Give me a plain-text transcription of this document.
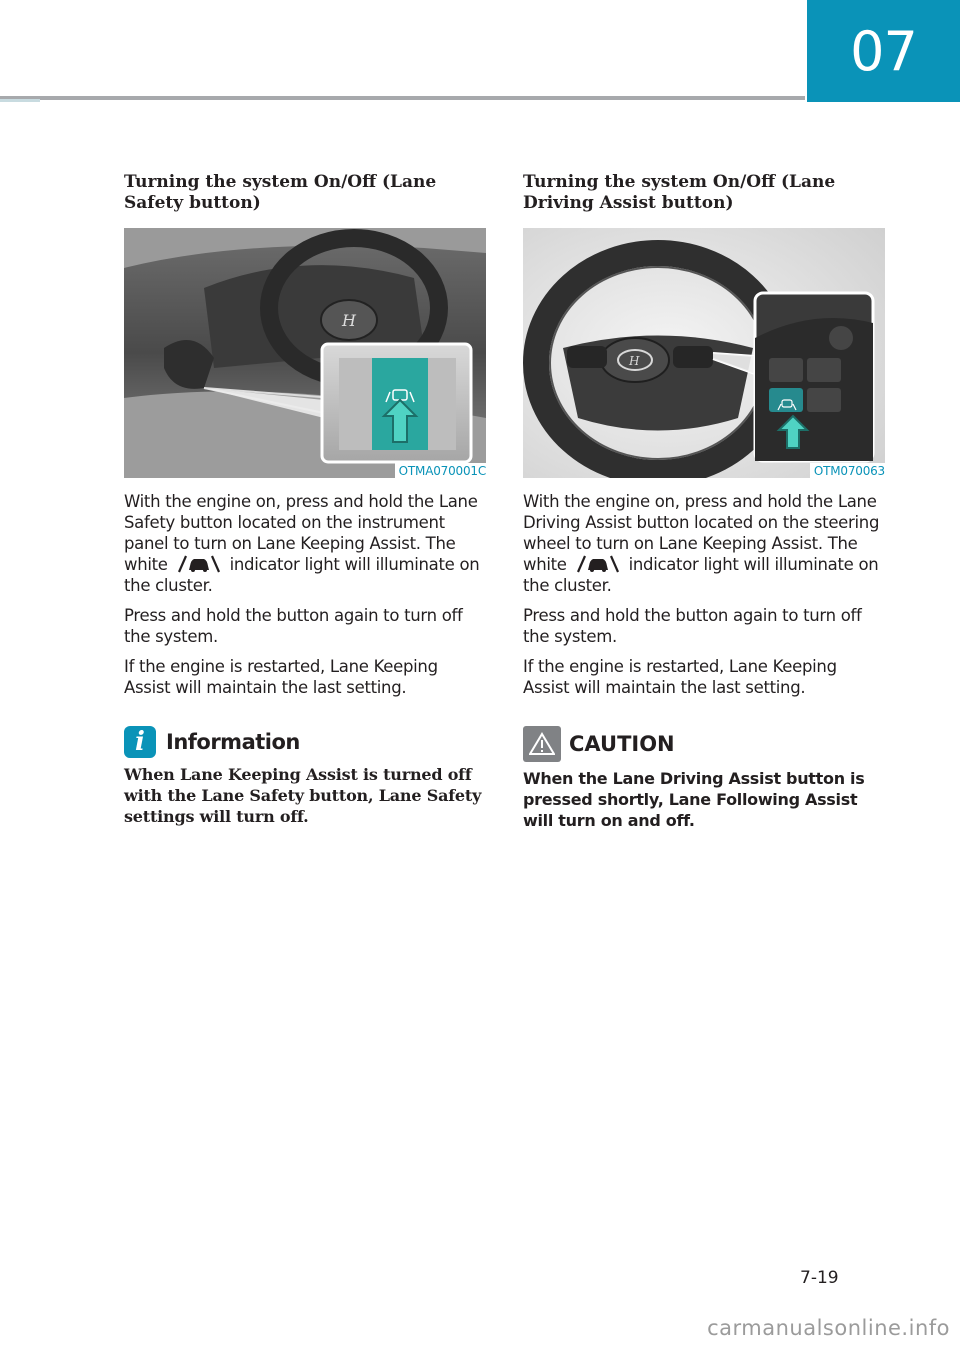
07
Turning the system On/Off (Lane Safety button)
H
OTMA070001C

With the engine on, press and hold the Lane Safety button located on the instrument panel to turn on Lane Keeping Assist. The white	indicator light will illuminate on the cluster.

Press and hold the button again to turn off the system.

If the engine is restarted, Lane Keeping Assist will maintain the last setting.

i	Information

When Lane Keeping Assist is turned off with the Lane Safety button, Lane Safety settings will turn off.

Turning the system On/Off (Lane Driving Assist button)
H
OTM070063

With the engine on, press and hold the Lane Driving Assist button located on the steering wheel to turn on Lane Keeping Assist. The white	indicator light will illuminate on the cluster.

Press and hold the button again to turn off the system.

If the engine is restarted, Lane Keeping Assist will maintain the last setting.

CAUTION

When the Lane Driving Assist button is pressed shortly, Lane Following Assist will turn on and off.

7-19
carmanualsonline.info
